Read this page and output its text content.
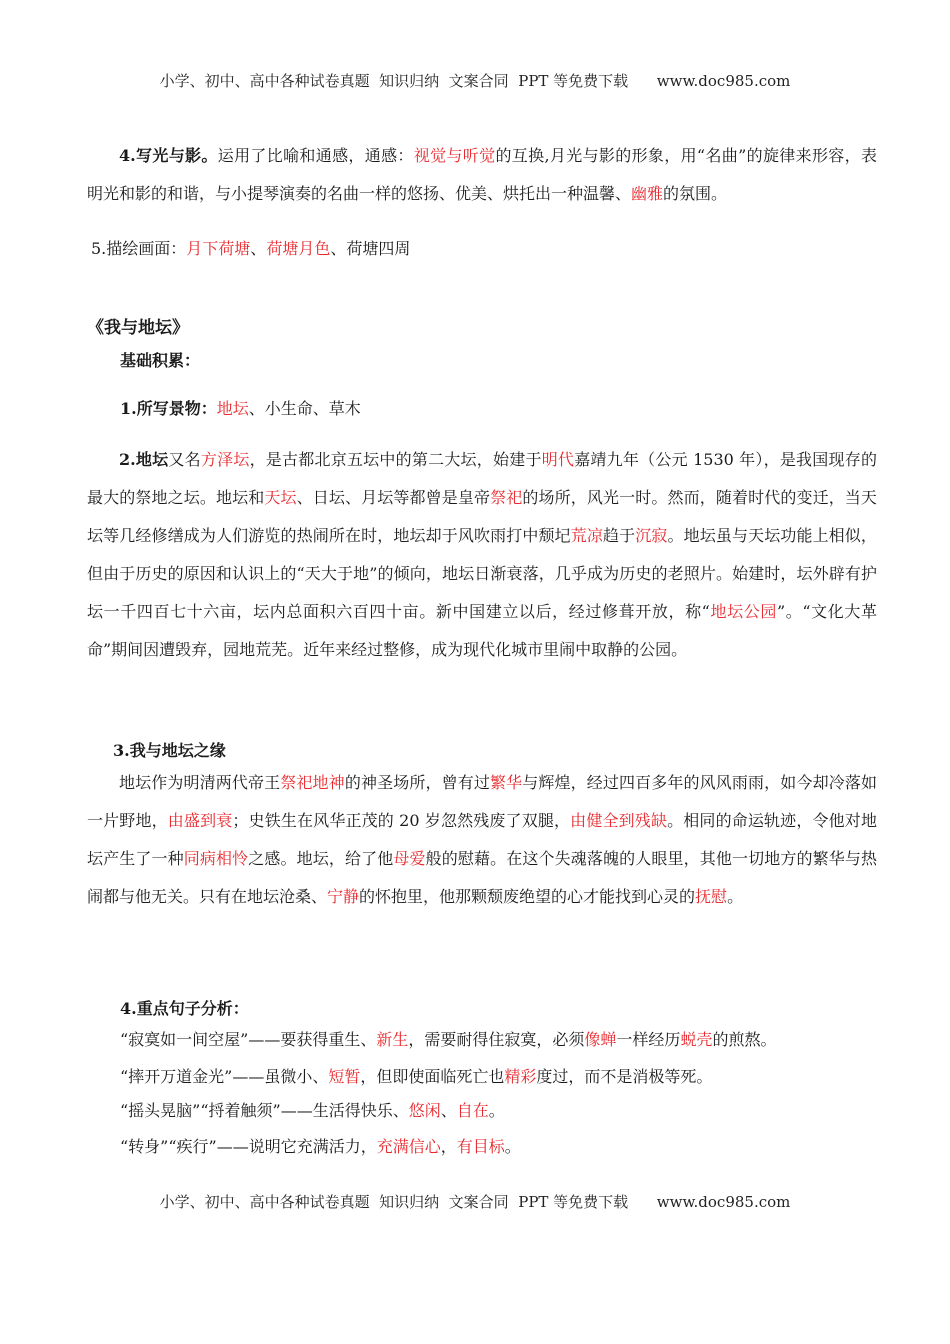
小学、初中、高中各种试卷真题  知识归纳  文案合同  PPT 等免费下载      www.doc985.com

4.写光与影。运用了比喻和通感，通感：视觉与听觉的互换,月光与影的形象，用“名曲”的旋律来形容，表明光和影的和谐，与小提琴演奏的名曲一样的悠扬、优美、烘托出一种温馨、幽雅的氛围。

5.描绘画面：月下荷塘、荷塘月色、荷塘四周

《我与地坛》
基础积累：

1.所写景物：地坛、小生命、草木

2.地坛又名方泽坛，是古都北京五坛中的第二大坛，始建于明代嘉靖九年（公元 1530 年），是我国现存的最大的祭地之坛。地坛和天坛、日坛、月坛等都曾是皇帝祭祀的场所，风光一时。然而，随着时代的变迁，当天坛等几经修缮成为人们游览的热闹所在时，地坛却于风吹雨打中颓圮荒凉趋于沉寂。地坛虽与天坛功能上相似，但由于历史的原因和认识上的“天大于地”的倾向，地坛日渐衰落，几乎成为历史的老照片。始建时，坛外辟有护坛一千四百七十六亩，坛内总面积六百四十亩。新中国建立以后，经过修葺开放，称“地坛公园”。“文化大革命”期间因遭毁弃，园地荒芜。近年来经过整修，成为现代化城市里闹中取静的公园。

3.我与地坛之缘

地坛作为明清两代帝王祭祀地神的神圣场所，曾有过繁华与辉煌，经过四百多年的风风雨雨，如今却冷落如一片野地，由盛到衰；史铁生在风华正茂的 20 岁忽然残废了双腿，由健全到残缺。相同的命运轨迹，令他对地坛产生了一种同病相怜之感。地坛，给了他母爱般的慰藉。在这个失魂落魄的人眼里，其他一切地方的繁华与热闹都与他无关。只有在地坛沧桑、宁静的怀抱里，他那颗颓废绝望的心才能找到心灵的抚慰。

4.重点句子分析：

“寂寞如一间空屋”——要获得重生、新生，需要耐得住寂寞，必须像蝉一样经历蜕壳的煎熬。

“摔开万道金光”——虽微小、短暂，但即使面临死亡也精彩度过，而不是消极等死。

“摇头晃脑”“捋着触须”——生活得快乐、悠闲、自在。

“转身”“疾行”——说明它充满活力，充满信心，有目标。

小学、初中、高中各种试卷真题  知识归纳  文案合同  PPT 等免费下载      www.doc985.com
